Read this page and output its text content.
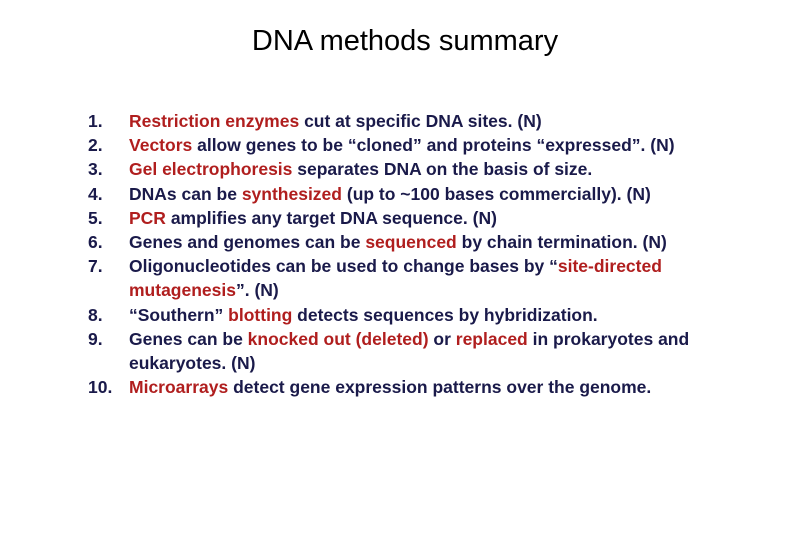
DNA methods summary
1. Restriction enzymes cut at specific DNA sites. (N)
2. Vectors allow genes to be “cloned” and proteins “expressed”. (N)
3. Gel electrophoresis separates DNA on the basis of size.
4. DNAs can be synthesized (up to ~100 bases commercially). (N)
5. PCR amplifies any target DNA sequence. (N)
6. Genes and genomes can be sequenced by chain termination. (N)
7. Oligonucleotides can be used to change bases by “site-directed mutagenesis”. (N)
8. “Southern” blotting detects sequences by hybridization.
9. Genes can be knocked out (deleted) or replaced in prokaryotes and eukaryotes. (N)
10. Microarrays detect gene expression patterns over the genome.
